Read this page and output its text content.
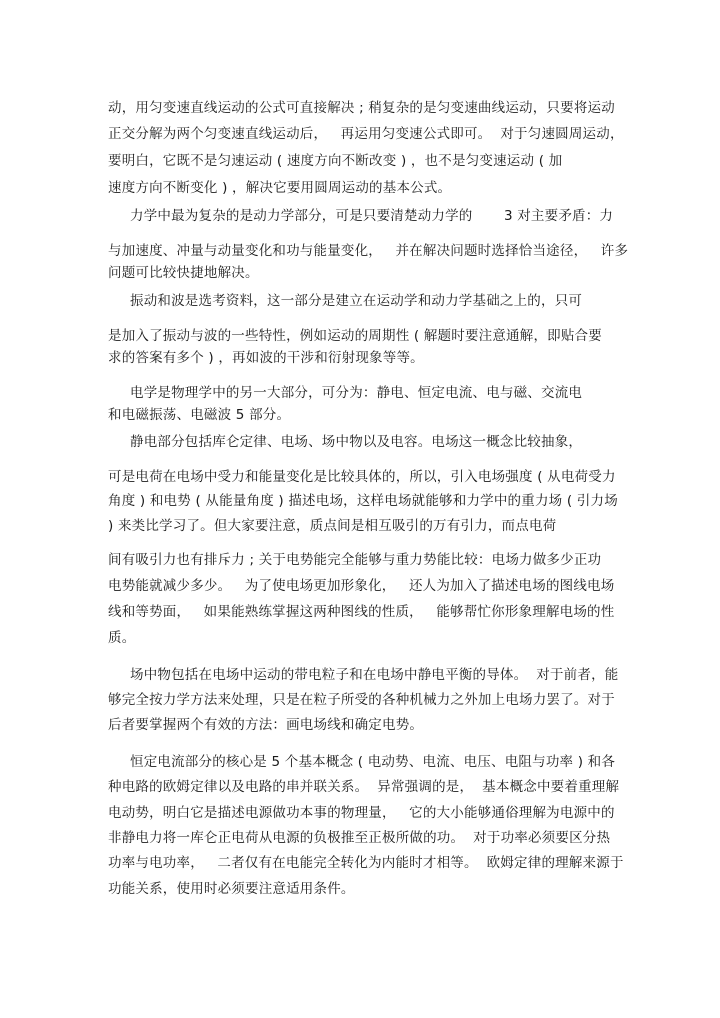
动，用匀变速直线运动的公式可直接解决 ; 稍复杂的是匀变速曲线运动，只要将运动
正交分解为两个匀变速直线运动后，   再运用匀变速公式即可。  对于匀速圆周运动，
要明白，它既不是匀速运动 ( 速度方向不断改变 ) ，也不是匀变速运动 ( 加
速度方向不断变化 ) ，解决它要用圆周运动的基本公式。
力学中最为复杂的是动力学部分，可是只要清楚动力学的       3 对主要矛盾：力
与加速度、冲量与动量变化和功与能量变化，   并在解决问题时选择恰当途径，   许多
问题可比较快捷地解决。
振动和波是选考资料，这一部分是建立在运动学和动力学基础之上的，只可
是加入了振动与波的一些特性，例如运动的周期性 ( 解题时要注意通解，即贴合要
求的答案有多个 ) ，再如波的干涉和衍射现象等等。
电学是物理学中的另一大部分，可分为：静电、恒定电流、电与磁、交流电
和电磁振荡、电磁波 5 部分。
静电部分包括库仑定律、电场、场中物以及电容。电场这一概念比较抽象，
可是电荷在电场中受力和能量变化是比较具体的，所以，引入电场强度 ( 从电荷受力
角度 ) 和电势 ( 从能量角度 ) 描述电场，这样电场就能够和力学中的重力场 ( 引力场
) 来类比学习了。但大家要注意，质点间是相互吸引的万有引力，而点电荷
间有吸引力也有排斥力 ; 关于电势能完全能够与重力势能比较：电场力做多少正功
电势能就减少多少。   为了使电场更加形象化，   还人为加入了描述电场的图线电场
线和等势面，   如果能熟练掌握这两种图线的性质，   能够帮忙你形象理解电场的性
质。
场中物包括在电场中运动的带电粒子和在电场中静电平衡的导体。  对于前者，能
够完全按力学方法来处理，只是在粒子所受的各种机械力之外加上电场力罢了。对于
后者要掌握两个有效的方法：画电场线和确定电势。
恒定电流部分的核心是 5 个基本概念 ( 电动势、电流、电压、电阻与功率 ) 和各
种电路的欧姆定律以及电路的串并联关系。  异常强调的是，  基本概念中要着重理解
电动势，明白它是描述电源做功本事的物理量，   它的大小能够通俗理解为电源中的
非静电力将一库仑正电荷从电源的负极推至正极所做的功。  对于功率必须要区分热
功率与电功率，   二者仅有在电能完全转化为内能时才相等。  欧姆定律的理解来源于
功能关系，使用时必须要注意适用条件。
